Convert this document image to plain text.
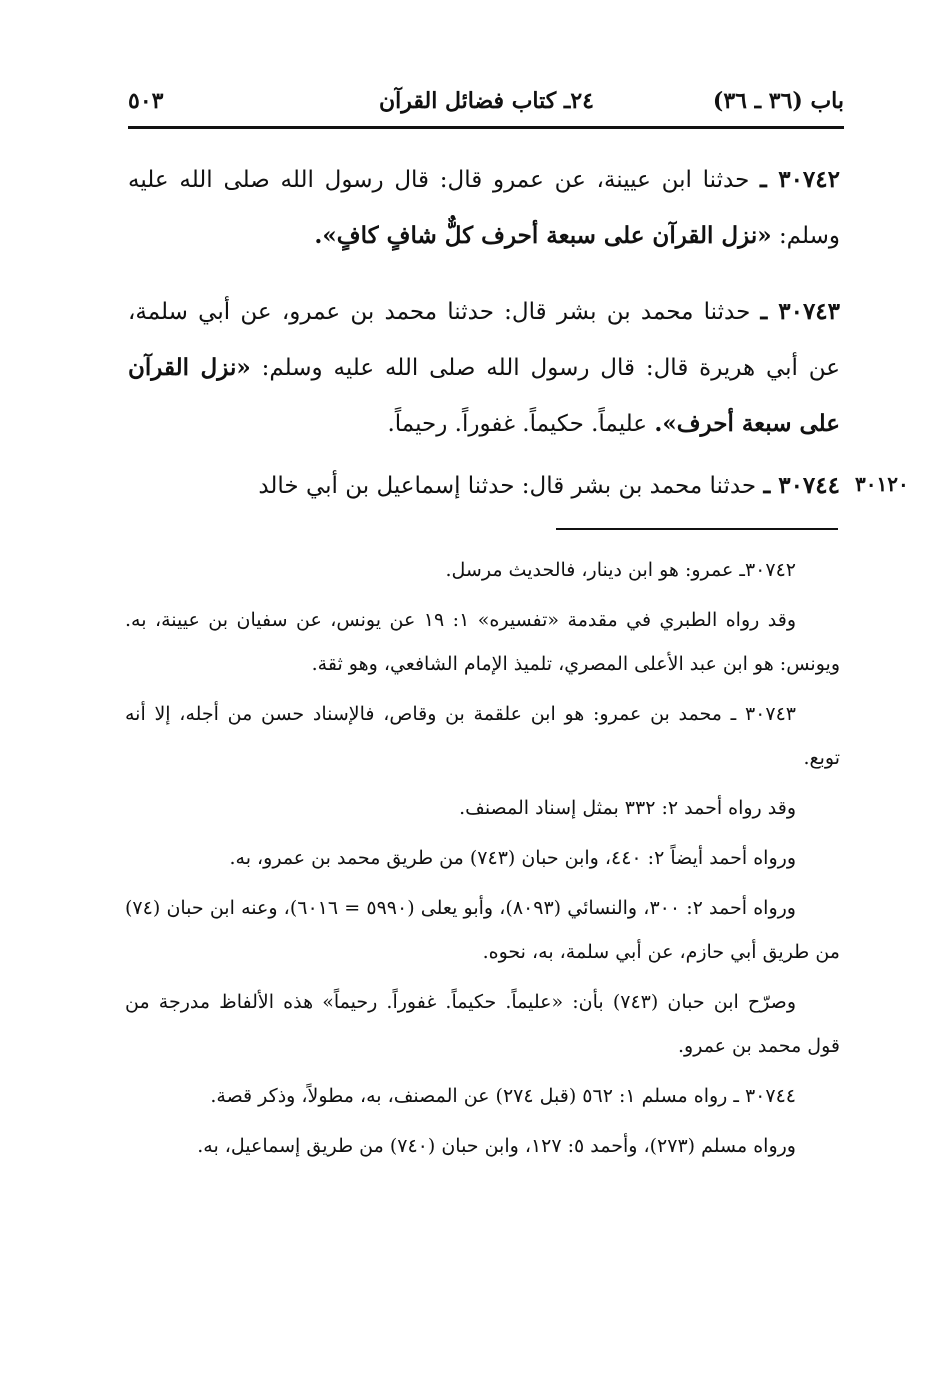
باب (٣٦ ـ ٣٦)
٢٤ـ كتاب فضائل القرآن
٥٠٣

٣٠٧٤٢ ـ حدثنا ابن عيينة، عن عمرو قال: قال رسول الله صلى الله عليه وسلم: «نزل القرآن على سبعة أحرف كلٌّ شافٍ كافٍ».

٣٠٧٤٣ ـ حدثنا محمد بن بشر قال: حدثنا محمد بن عمرو، عن أبي سلمة، عن أبي هريرة قال: قال رسول الله صلى الله عليه وسلم: «نزل القرآن على سبعة أحرف». عليماً. حكيماً. غفوراً. رحيماً.

٣٠٧٤٤ ـ حدثنا محمد بن بشر قال: حدثنا إسماعيل بن أبي خالد	٣٠١٢٠

٣٠٧٤٢ـ عمرو: هو ابن دينار، فالحديث مرسل.

وقد رواه الطبري في مقدمة «تفسيره» ١: ١٩ عن يونس، عن سفيان بن عيينة، به. ويونس: هو ابن عبد الأعلى المصري، تلميذ الإمام الشافعي، وهو ثقة.

٣٠٧٤٣ ـ محمد بن عمرو: هو ابن علقمة بن وقاص، فالإسناد حسن من أجله، إلا أنه توبع.

وقد رواه أحمد ٢: ٣٣٢ بمثل إسناد المصنف.

ورواه أحمد أيضاً ٢: ٤٤٠، وابن حبان (٧٤٣) من طريق محمد بن عمرو، به.

ورواه أحمد ٢: ٣٠٠، والنسائي (٨٠٩٣)، وأبو يعلى (٥٩٩٠ = ٦٠١٦)، وعنه ابن حبان (٧٤) من طريق أبي حازم، عن أبي سلمة، به، نحوه.

وصرّح ابن حبان (٧٤٣) بأن: «عليماً. حكيماً. غفوراً. رحيماً» هذه الألفاظ مدرجة من قول محمد بن عمرو.

٣٠٧٤٤ ـ رواه مسلم ١: ٥٦٢ (قبل ٢٧٤) عن المصنف، به، مطولاً، وذكر قصة.

ورواه مسلم (٢٧٣)، وأحمد ٥: ١٢٧، وابن حبان (٧٤٠) من طريق إسماعيل، به.
